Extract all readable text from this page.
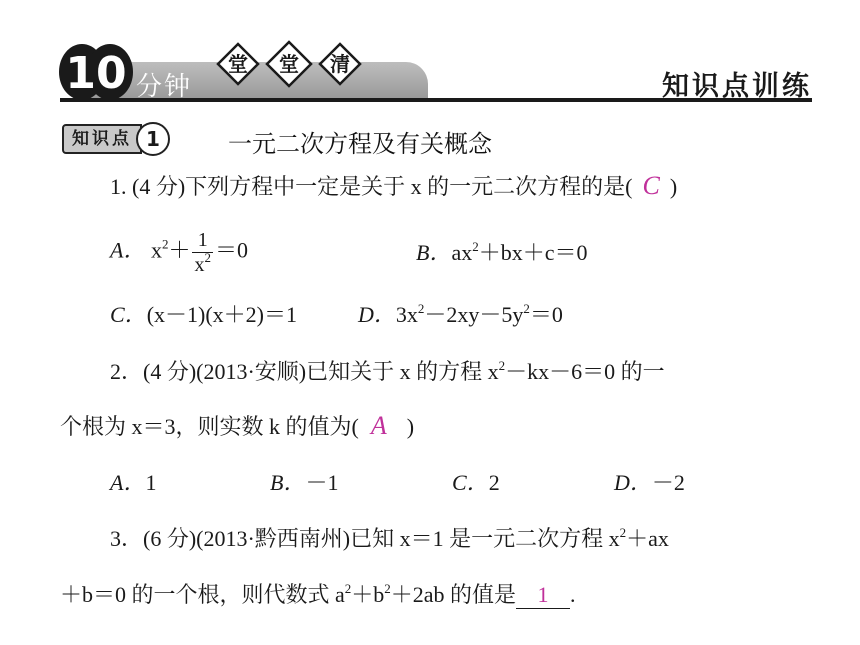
10 分钟
堂 堂 清
知识点训练
知识点 1	一元二次方程及有关概念
1. (4 分)下列方程中一定是关于 x 的一元二次方程的是( C )
A． $x^2+ \frac{1}{x^2} =0$	B．$ax^2+bx+c=0$
C．(x－1)(x＋2)＝1	D．$3x^2-2xy-5y^2=0$
2．(4 分)(2013·安顺)已知关于 x 的方程 $x^2-kx-6=0$ 的一
个根为 x＝3，则实数 k 的值为( A )
A．1	B．－1	C．2	D．－2
3．(6 分)(2013·黔西南州)已知 x＝1 是一元二次方程 $x^2+ax$
＋b＝0 的一个根，则代数式 $a^2+b^2+2ab$ 的值是 1 .
